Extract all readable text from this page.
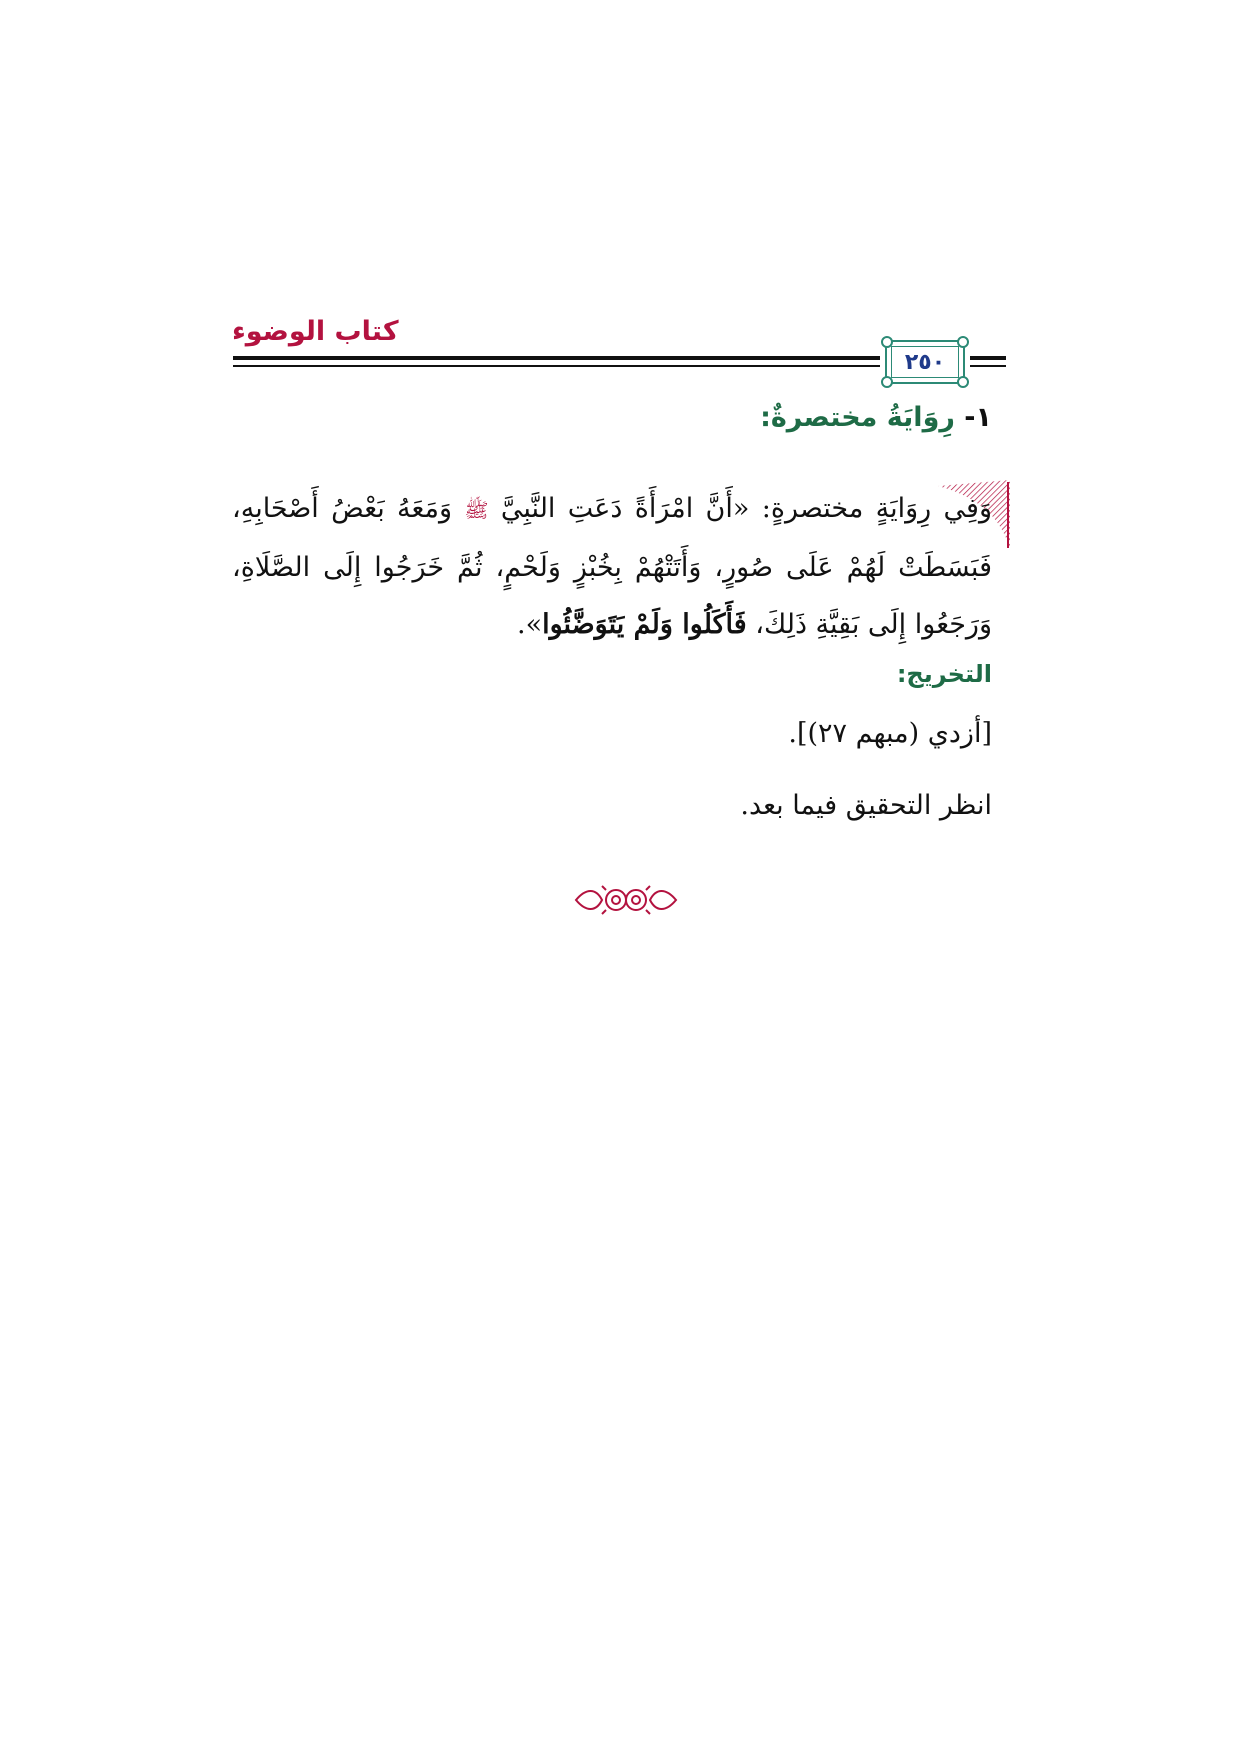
كتاب الوضوء
٢٥٠
١- رِوَايَةُ مختصرةٌ:
وَفِي رِوَايَةٍ مختصرةٍ: «أَنَّ امْرَأَةً دَعَتِ النَّبِيَّ ﷺ وَمَعَهُ بَعْضُ أَصْحَابِهِ، فَبَسَطَتْ لَهُمْ عَلَى صُورٍ، وَأَتَتْهُمْ بِخُبْزٍ وَلَحْمٍ، ثُمَّ خَرَجُوا إِلَى الصَّلَاةِ، وَرَجَعُوا إِلَى بَقِيَّةِ ذَلِكَ، فَأَكَلُوا وَلَمْ يَتَوَضَّئُوا».
التخريج:
[أزدي (مبهم ٢٧)].
انظر التحقيق فيما بعد.
